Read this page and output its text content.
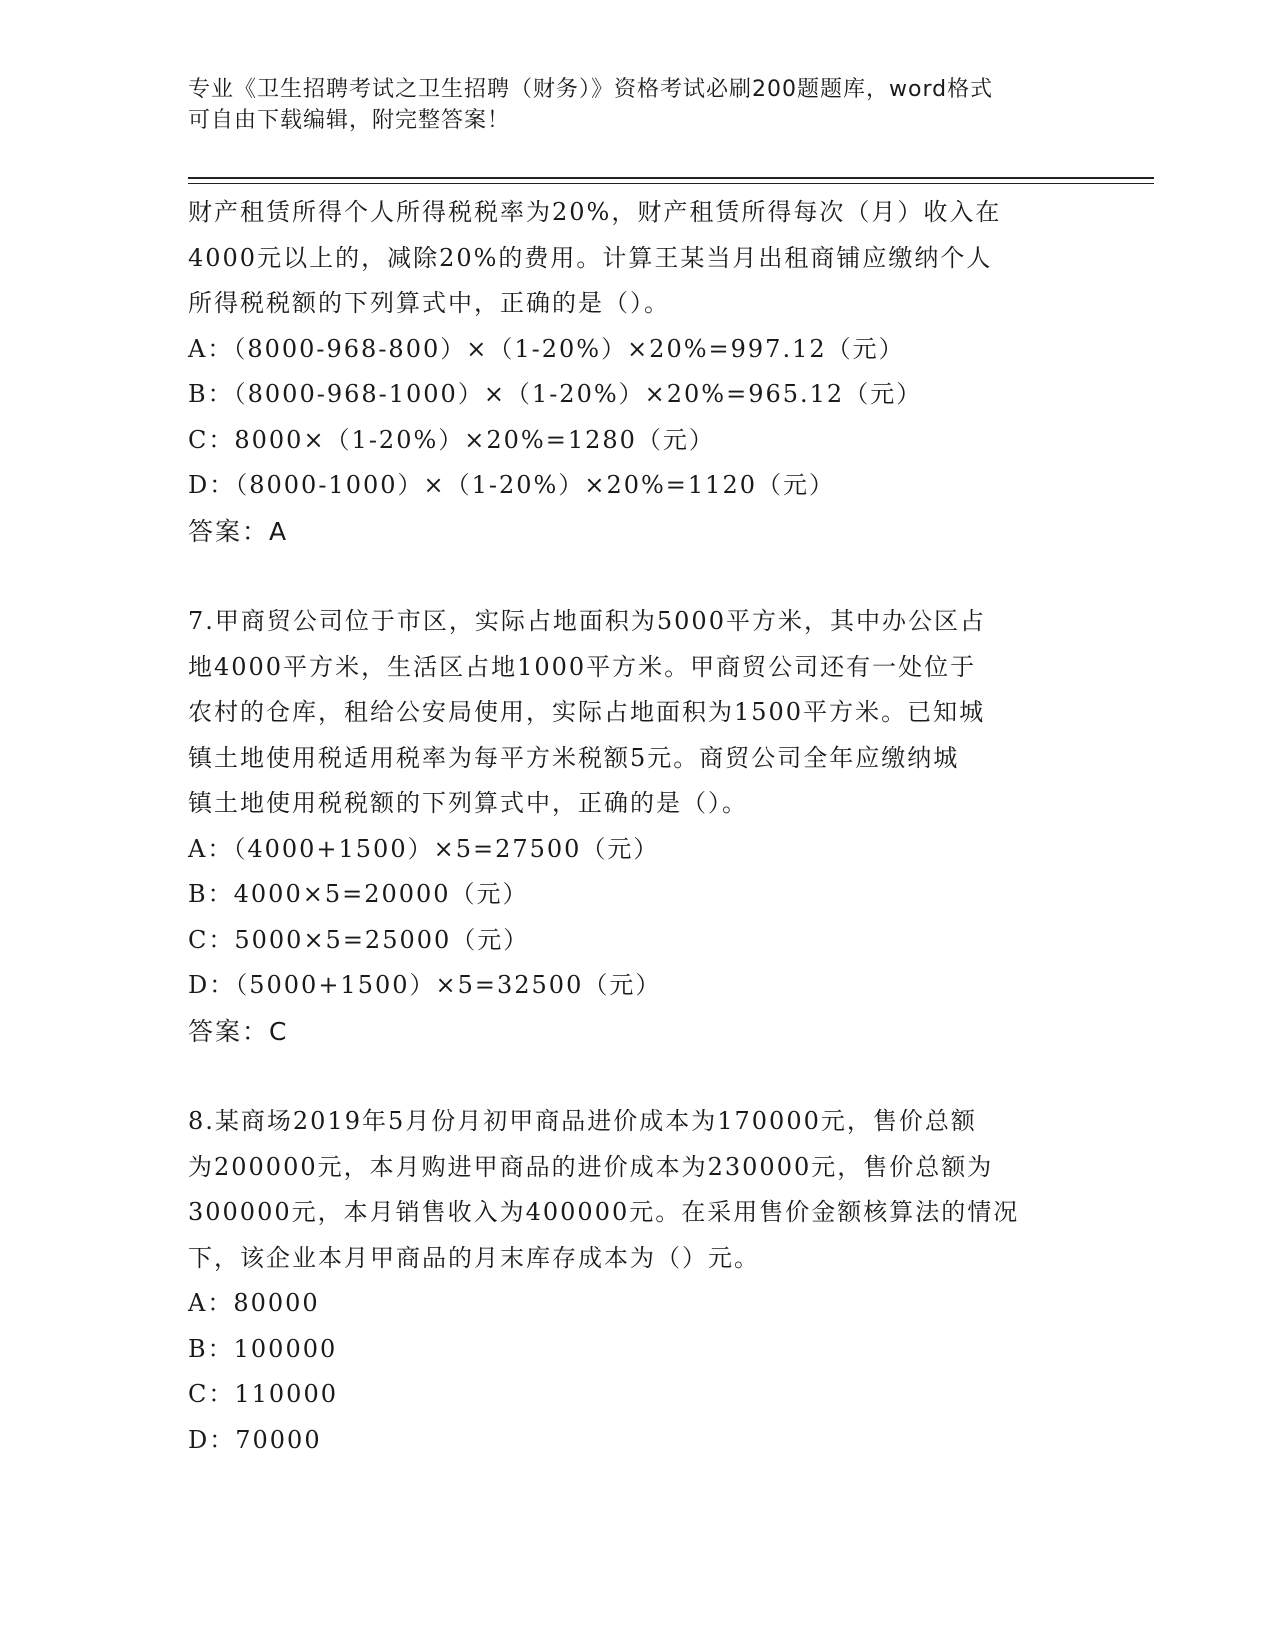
专业《卫生招聘考试之卫生招聘（财务）》资格考试必刷200题题库，word格式
可自由下载编辑，附完整答案！

财产租赁所得个人所得税税率为20%，财产租赁所得每次（月）收入在

4000元以上的，减除20%的费用。计算王某当月出租商铺应缴纳个人

所得税税额的下列算式中，正确的是（）。

A：（8000-968-800）×（1-20%）×20%=997.12（元）

B：（8000-968-1000）×（1-20%）×20%=965.12（元）

C：8000×（1-20%）×20%=1280（元）

D：（8000-1000）×（1-20%）×20%=1120（元）

答案：A

7.甲商贸公司位于市区，实际占地面积为5000平方米，其中办公区占

地4000平方米，生活区占地1000平方米。甲商贸公司还有一处位于

农村的仓库，租给公安局使用，实际占地面积为1500平方米。已知城

镇土地使用税适用税率为每平方米税额5元。商贸公司全年应缴纳城

镇土地使用税税额的下列算式中，正确的是（）。

A：（4000+1500）×5=27500（元）

B：4000×5=20000（元）

C：5000×5=25000（元）

D：（5000+1500）×5=32500（元）

答案：C

8.某商场2019年5月份月初甲商品进价成本为170000元，售价总额

为200000元，本月购进甲商品的进价成本为230000元，售价总额为

300000元，本月销售收入为400000元。在采用售价金额核算法的情况

下，该企业本月甲商品的月末库存成本为（）元。

A：80000

B：100000

C：110000

D：70000
